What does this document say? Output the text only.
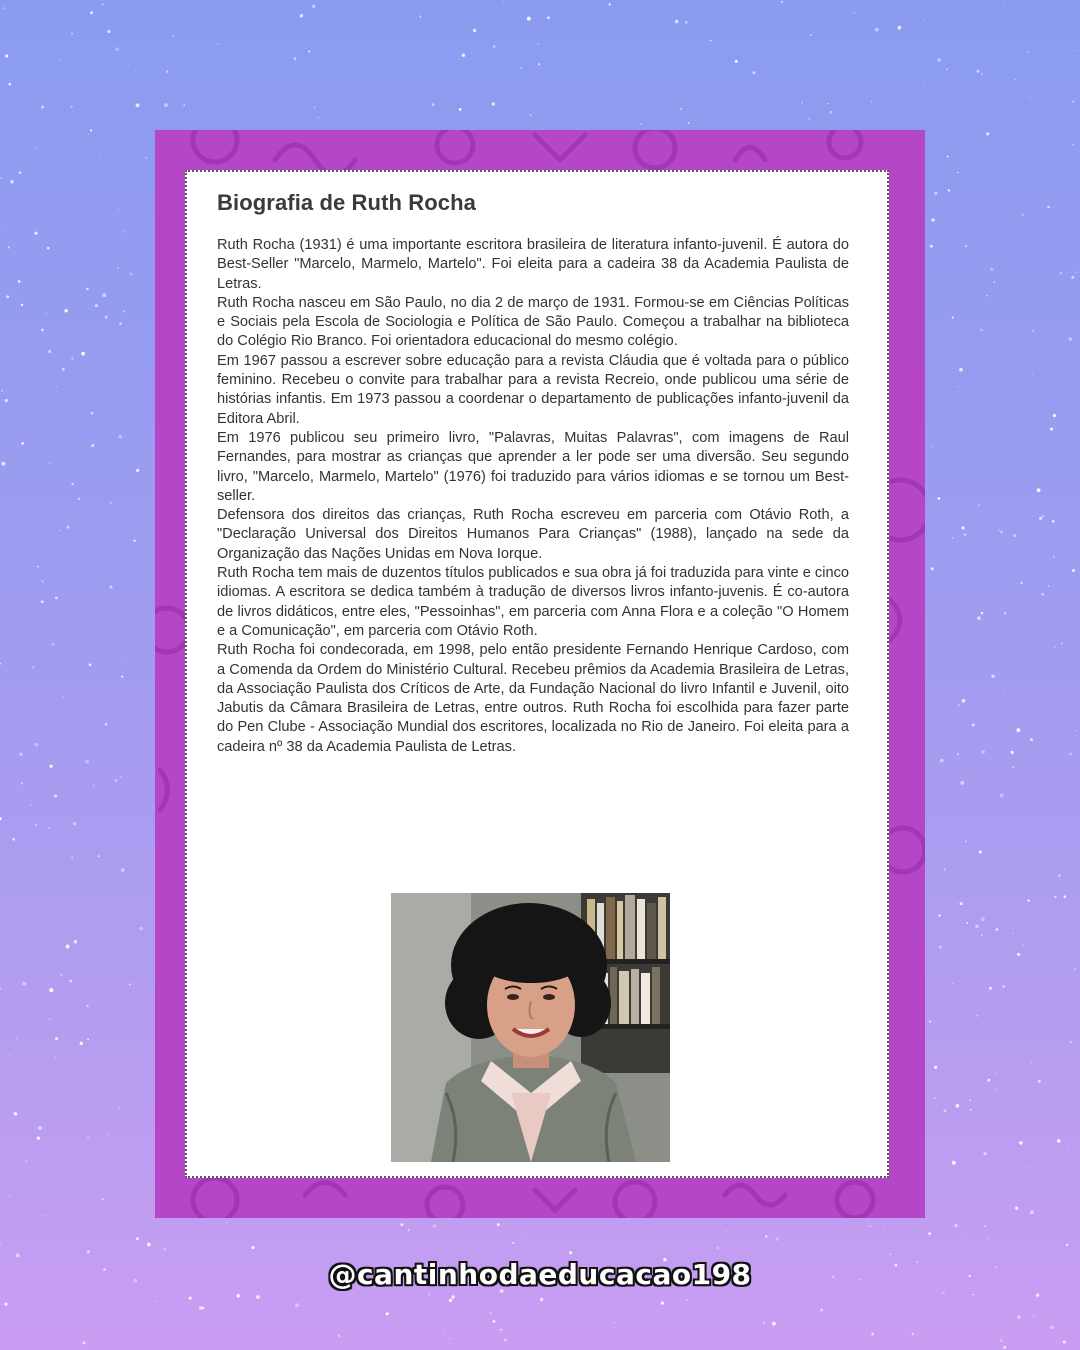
Biografia de Ruth Rocha

Ruth Rocha (1931) é uma importante escritora brasileira de literatura infanto-juvenil. É autora do Best-Seller "Marcelo, Marmelo, Martelo". Foi eleita para a cadeira 38 da Academia Paulista de Letras.

Ruth Rocha nasceu em São Paulo, no dia 2 de março de 1931. Formou-se em Ciências Políticas e Sociais pela Escola de Sociologia e Política de São Paulo. Começou a trabalhar na biblioteca do Colégio Rio Branco. Foi orientadora educacional do mesmo colégio.

Em 1967 passou a escrever sobre educação para a revista Cláudia que é voltada para o público feminino. Recebeu o convite para trabalhar para a revista Recreio, onde publicou uma série de histórias infantis. Em 1973 passou a coordenar o departamento de publicações infanto-juvenil da Editora Abril.

Em 1976 publicou seu primeiro livro, "Palavras, Muitas Palavras", com imagens de Raul Fernandes, para mostrar as crianças que aprender a ler pode ser uma diversão. Seu segundo livro, "Marcelo, Marmelo, Martelo" (1976) foi traduzido para vários idiomas e se tornou um Best-seller.

Defensora dos direitos das crianças, Ruth Rocha escreveu em parceria com Otávio Roth, a "Declaração Universal dos Direitos Humanos Para Crianças" (1988), lançado na sede da Organização das Nações Unidas em Nova Iorque.

Ruth Rocha tem mais de duzentos títulos publicados e sua obra já foi traduzida para vinte e cinco idiomas. A escritora se dedica também à tradução de diversos livros infanto-juvenis. É co-autora de livros didáticos, entre eles, "Pessoinhas", em parceria com Anna Flora e a coleção "O Homem e a Comunicação", em parceria com Otávio Roth.

Ruth Rocha foi condecorada, em 1998, pelo então presidente Fernando Henrique Cardoso, com a Comenda da Ordem do Ministério Cultural. Recebeu prêmios da Academia Brasileira de Letras, da Associação Paulista dos Críticos de Arte, da Fundação Nacional do livro Infantil e Juvenil, oito Jabutis da Câmara Brasileira de Letras, entre outros. Ruth Rocha foi escolhida para fazer parte do Pen Clube - Associação Mundial dos escritores, localizada no Rio de Janeiro. Foi eleita para a cadeira nº 38 da Academia Paulista de Letras.

@cantinhodaeducacao198
